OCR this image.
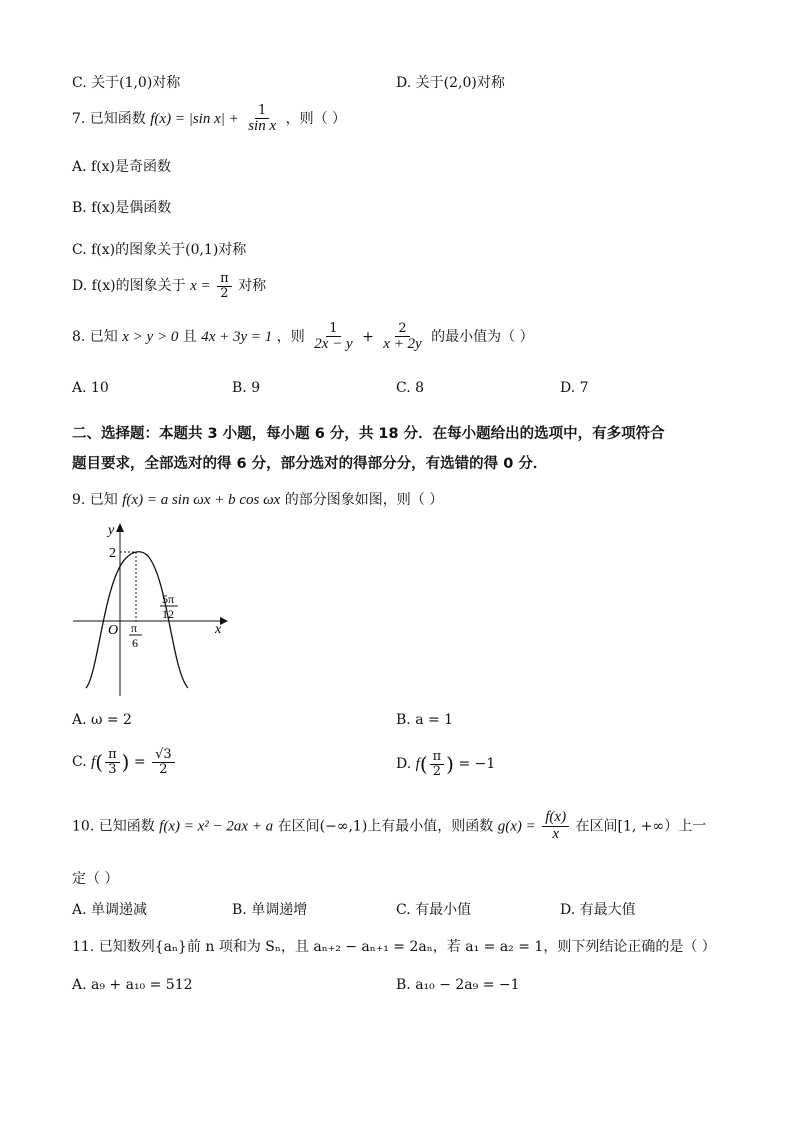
C. 关于(1,0)对称	D. 关于(2,0)对称
7. 已知函数 f(x) = |sin $x| + \frac{1}{\text{sin x}}$ ，则（ ）
A. f(x)是奇函数
B. f(x)是偶函数
C. f(x)的图象关于(0,1)对称
D. f(x)的图象关于 $x = \frac{\pi}{2}$ 对称
8. 已知 x > y > 0 且 4x + 3y = 1 ，则 $\frac{1}{2x - y} + \frac{2}{x + 2y}$ 的最小值为（ ）
A. 10	B. 9	C. 8	D. 7
二、选择题：本题共 3 小题，每小题 6 分，共 18 分．在每小题给出的选项中，有多项符合
题目要求，全部选对的得 6 分，部分选对的得部分分，有选错的得 0 分．
9. 已知 f(x) = a sin ωx + b cos ωx 的部分图象如图，则（ ）
y
x
O
2
π
6
5π
12
A. ω = 2	B. a = 1
C. $f( \frac{\pi}{3}$ ) = $\frac{√3}{2}$	D. $f( \frac{\pi}{2}$ ) = −1
10. 已知函数 f(x) = x² − 2ax + a 在区间(−∞,1)上有最小值，则函数 $g(x) = \frac{f(x)}{x}$ 在区间[1, +∞）上一
定（ ）
A. 单调递减	B. 单调递增	C. 有最小值	D. 有最大值
11. 已知数列{aₙ}前 n 项和为 Sₙ，且 aₙ₊₂ − aₙ₊₁ = 2aₙ，若 a₁ = a₂ = 1，则下列结论正确的是（ ）
A. a₉ + a₁₀ = 512	B. a₁₀ − 2a₉ = −1
